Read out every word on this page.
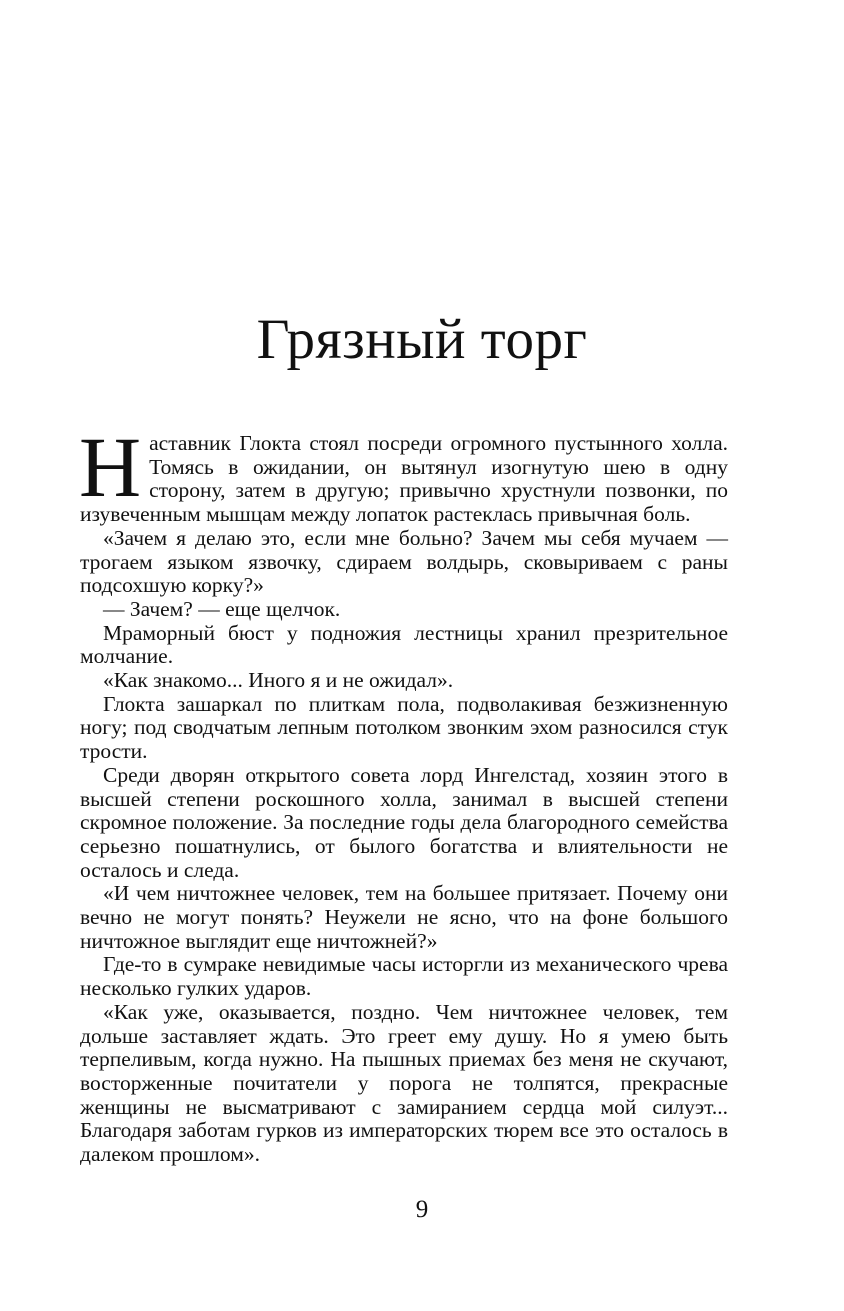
Грязный торг

Наставник Глокта стоял посреди огромного пустынного холла. Томясь в ожидании, он вытянул изогнутую шею в одну сторону, затем в другую; привычно хрустнули позвонки, по изувеченным мышцам между лопаток растеклась привычная боль.

«Зачем я делаю это, если мне больно? Зачем мы себя мучаем — трогаем языком язвочку, сдираем волдырь, сковыриваем с раны подсохшую корку?»

— Зачем? — еще щелчок.

Мраморный бюст у подножия лестницы хранил презрительное молчание.

«Как знакомо... Иного я и не ожидал».

Глокта зашаркал по плиткам пола, подволакивая безжизненную ногу; под сводчатым лепным потолком звонким эхом разносился стук трости.

Среди дворян открытого совета лорд Ингелстад, хозяин этого в высшей степени роскошного холла, занимал в высшей степени скромное положение. За последние годы дела благородного семейства серьезно пошатнулись, от былого богатства и влиятельности не осталось и следа.

«И чем ничтожнее человек, тем на большее притязает. Почему они вечно не могут понять? Неужели не ясно, что на фоне большого ничтожное выглядит еще ничтожней?»

Где-то в сумраке невидимые часы исторгли из механического чрева несколько гулких ударов.

«Как уже, оказывается, поздно. Чем ничтожнее человек, тем дольше заставляет ждать. Это греет ему душу. Но я умею быть терпеливым, когда нужно. На пышных приемах без меня не скучают, восторженные почитатели у порога не толпятся, прекрасные женщины не высматривают с замиранием сердца мой силуэт... Благодаря заботам гурков из императорских тюрем все это осталось в далеком прошлом».

9
